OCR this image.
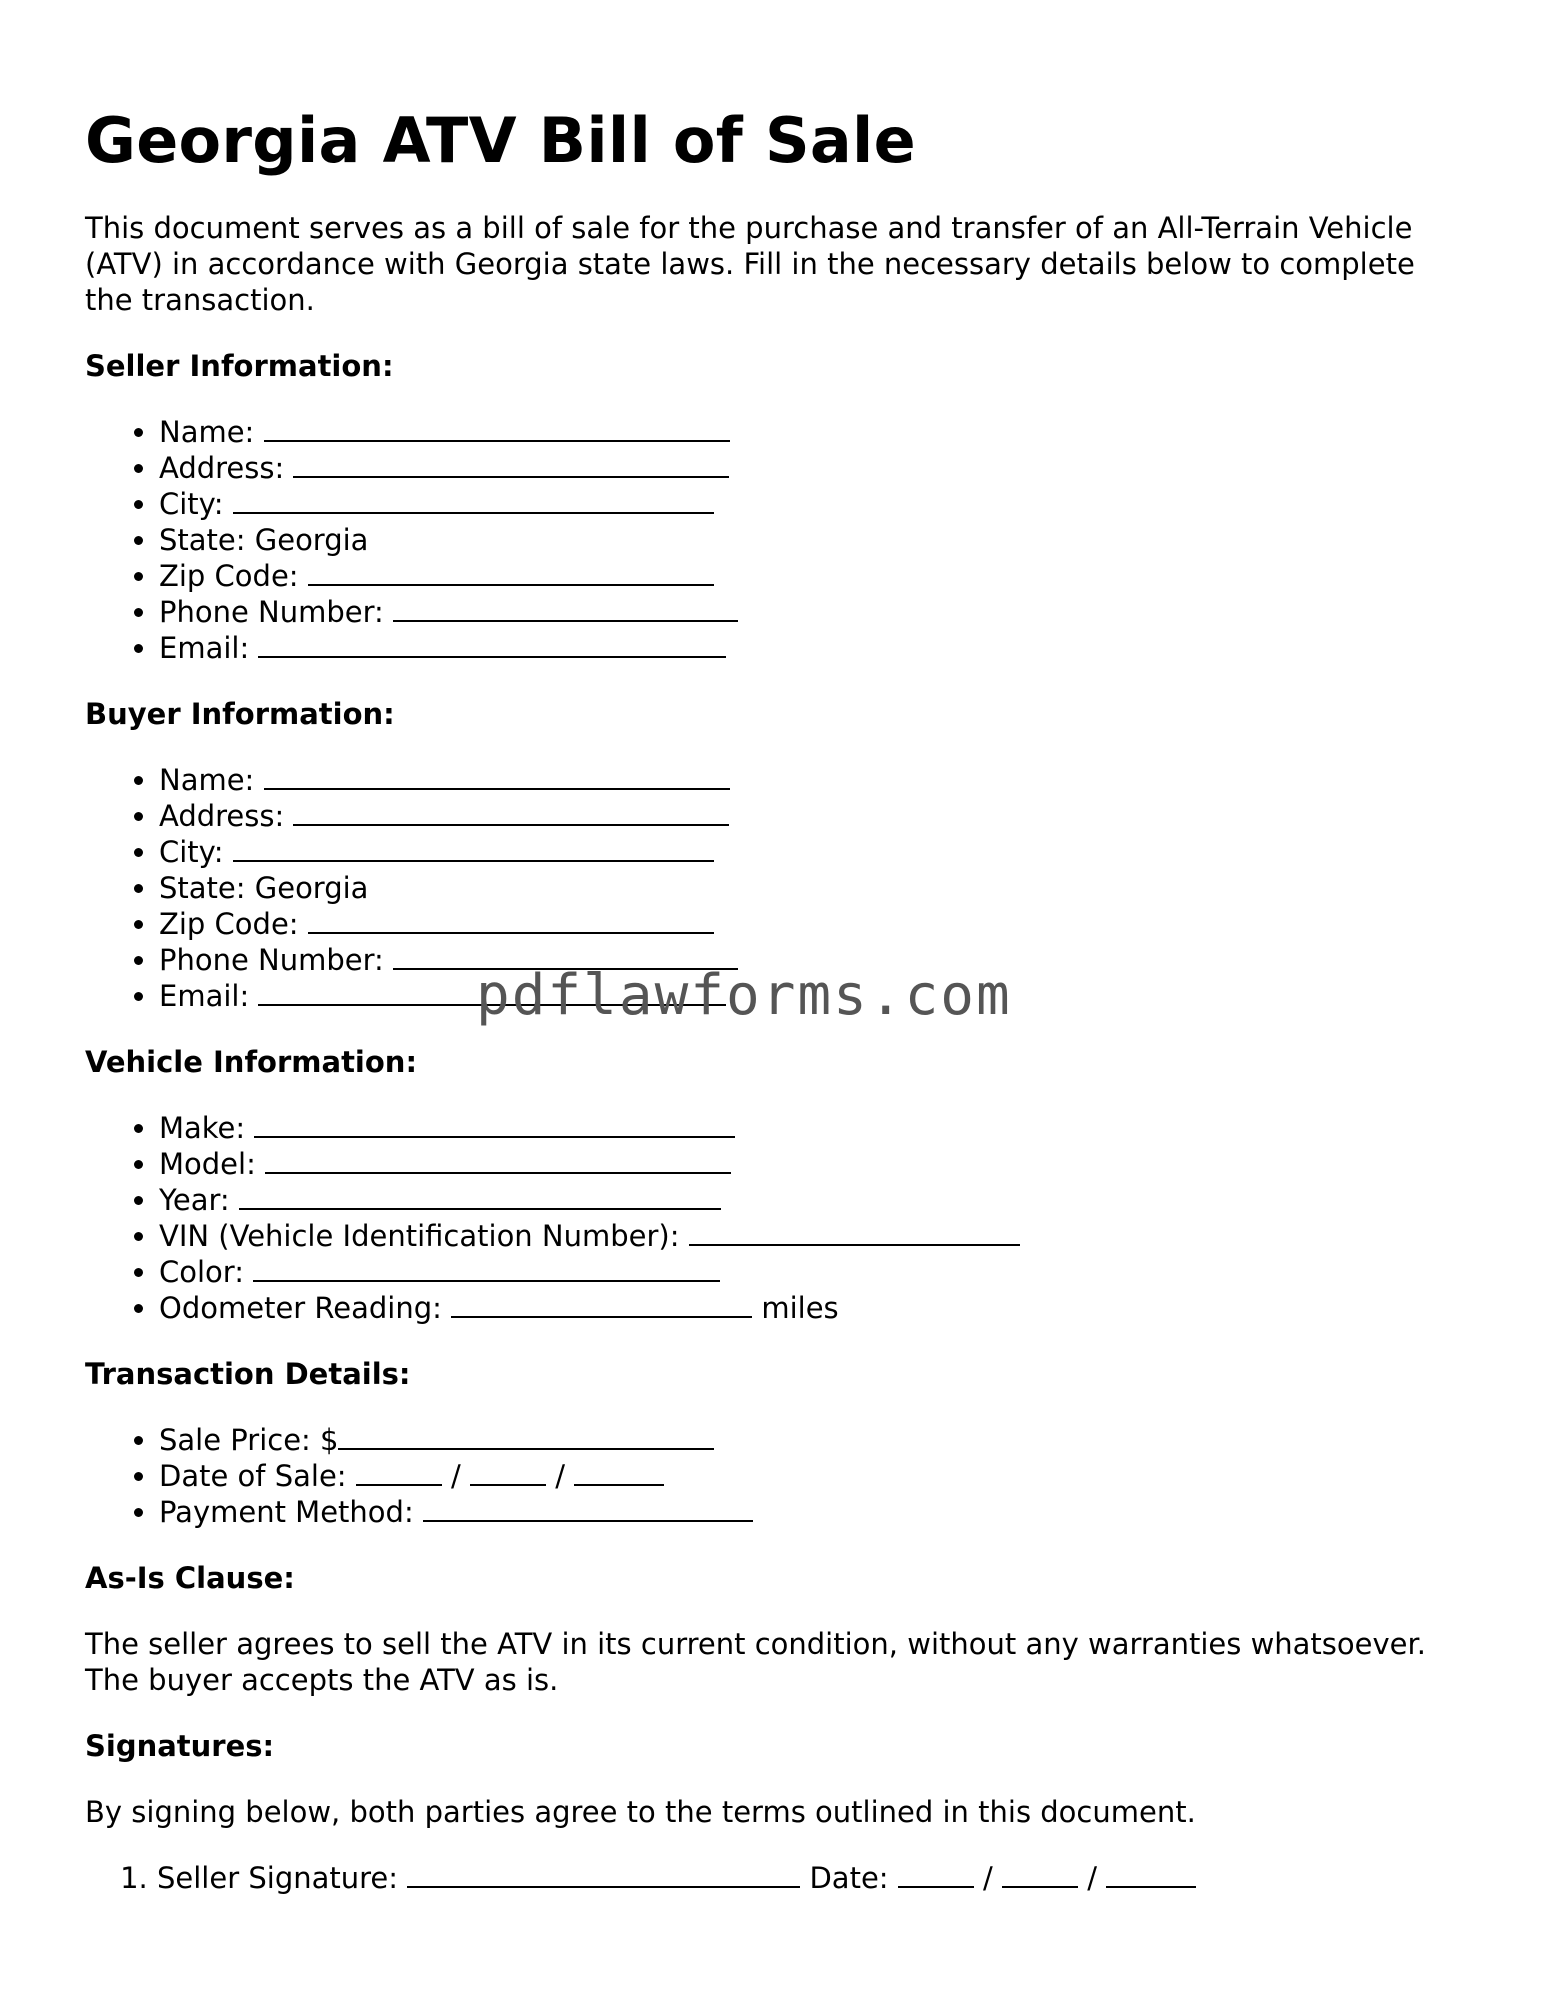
Georgia ATV Bill of Sale

This document serves as a bill of sale for the purchase and transfer of an All-Terrain Vehicle (ATV) in accordance with Georgia state laws. Fill in the necessary details below to complete the transaction.

Seller Information:

• Name:
• Address:
• City:
• State: Georgia
• Zip Code:
• Phone Number:
• Email:

Buyer Information:

• Name:
• Address:
• City:
• State: Georgia
• Zip Code:
• Phone Number:
• Email:

Vehicle Information:

• Make:
• Model:
• Year:
• VIN (Vehicle Identification Number):
• Color:
• Odometer Reading:	miles

Transaction Details:

• Sale Price: $
• Date of Sale:	/	/
• Payment Method:

As-Is Clause:

The seller agrees to sell the ATV in its current condition, without any warranties whatsoever. The buyer accepts the ATV as is.

Signatures:

By signing below, both parties agree to the terms outlined in this document.

1. Seller Signature:	Date:	/	/
pdflawforms.com
